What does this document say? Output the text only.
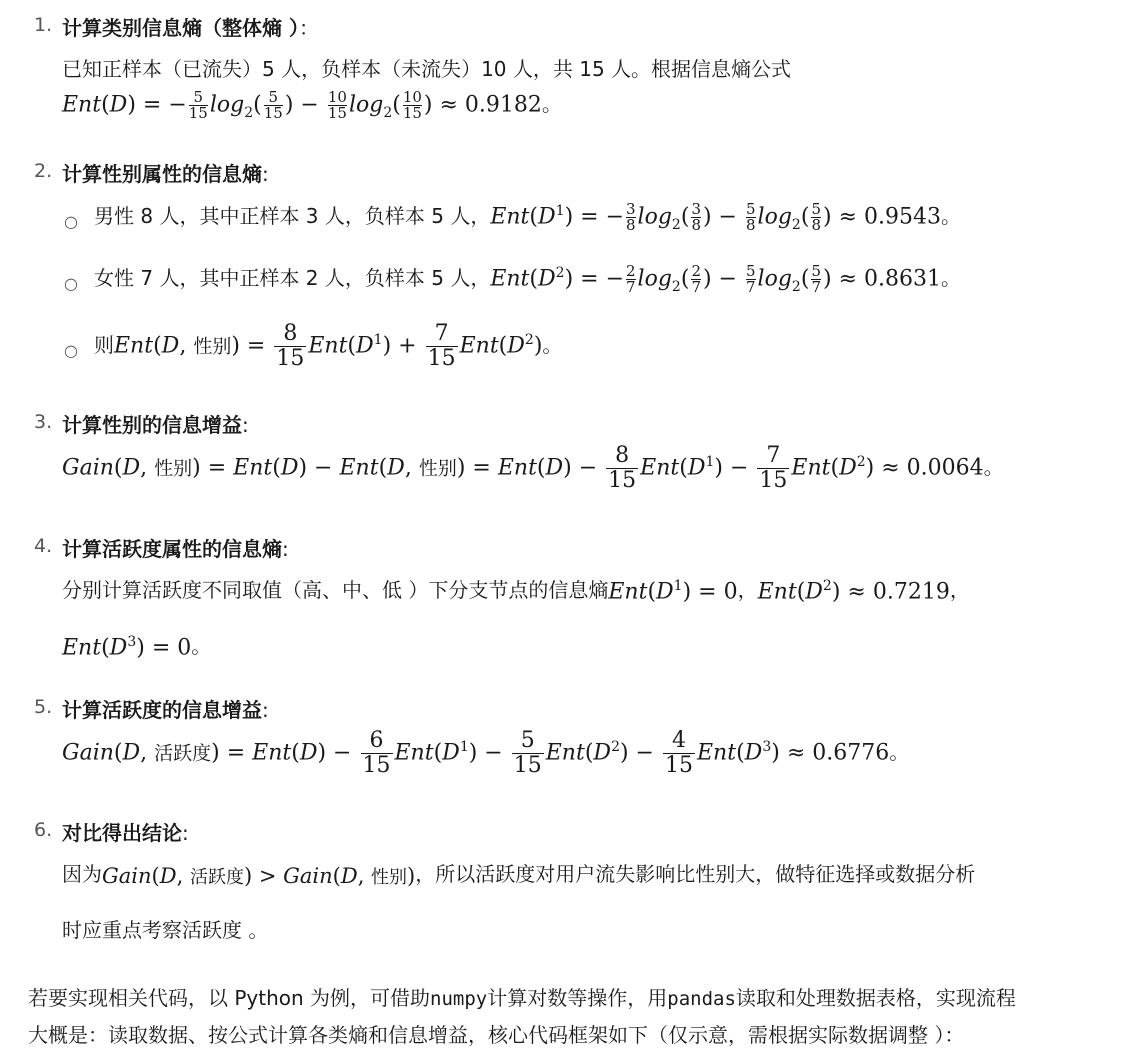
1. 计算类别信息熵（整体熵 ）：
已知正样本（已流失）5 人，负样本（未流失）10 人，共 15 人。根据信息熵公式
Ent(D) = − $\frac{5}{15} \log_2( \frac{5}{15}$ ) − $\frac{10}{15} \log_2( \frac{10}{15}$ ) ≈ 0.9182。
2. 计算性别属性的信息熵:
○ 男性 8 人，其中正样本 3 人，负样本 5 人，$Ent(D^1)$ = − $\frac{3}{8} \log_2( \frac{3}{8}$ ) − $\frac{5}{8} \log_2( \frac{5}{8}$ ) ≈ 0.9543。
○ 女性 7 人，其中正样本 2 人，负样本 5 人，$Ent(D^2)$ = − $\frac{2}{7} \log_2( \frac{2}{7}$ ) − $\frac{5}{7} \log_2( \frac{5}{7}$ ) ≈ 0.8631。
○ 则Ent(D, 性别) = $\frac{8}{15} Ent(D^1) + \frac{7}{15} Ent(D^2)$。
3. 计算性别的信息增益:
Gain(D, 性别) = Ent(D) − Ent(D, 性别) = $Ent(D) - \frac{8}{15} Ent(D^1) - \frac{7}{15} Ent(D^2) \approx 0.0064$。
4. 计算活跃度属性的信息熵:
分别计算活跃度不同取值（高、中、低 ）下分支节点的信息熵$Ent(D^1) = 0$，$Ent(D^2) \approx 0.7219$，
$Ent(D^3) = 0$。
5. 计算活跃度的信息增益:
Gain(D, 活跃度) = $Ent(D) - \frac{6}{15} Ent(D^1) - \frac{5}{15} Ent(D^2) - \frac{4}{15} Ent(D^3) \approx 0.6776$。
6. 对比得出结论:
因为Gain(D, 活跃度) > Gain(D, 性别)，所以活跃度对用户流失影响比性别大，做特征选择或数据分析
时应重点考察活跃度 。
若要实现相关代码，以 Python 为例，可借助numpy计算对数等操作，用pandas读取和处理数据表格，实现流程
大概是：读取数据、按公式计算各类熵和信息增益，核心代码框架如下（仅示意，需根据实际数据调整 ）：
